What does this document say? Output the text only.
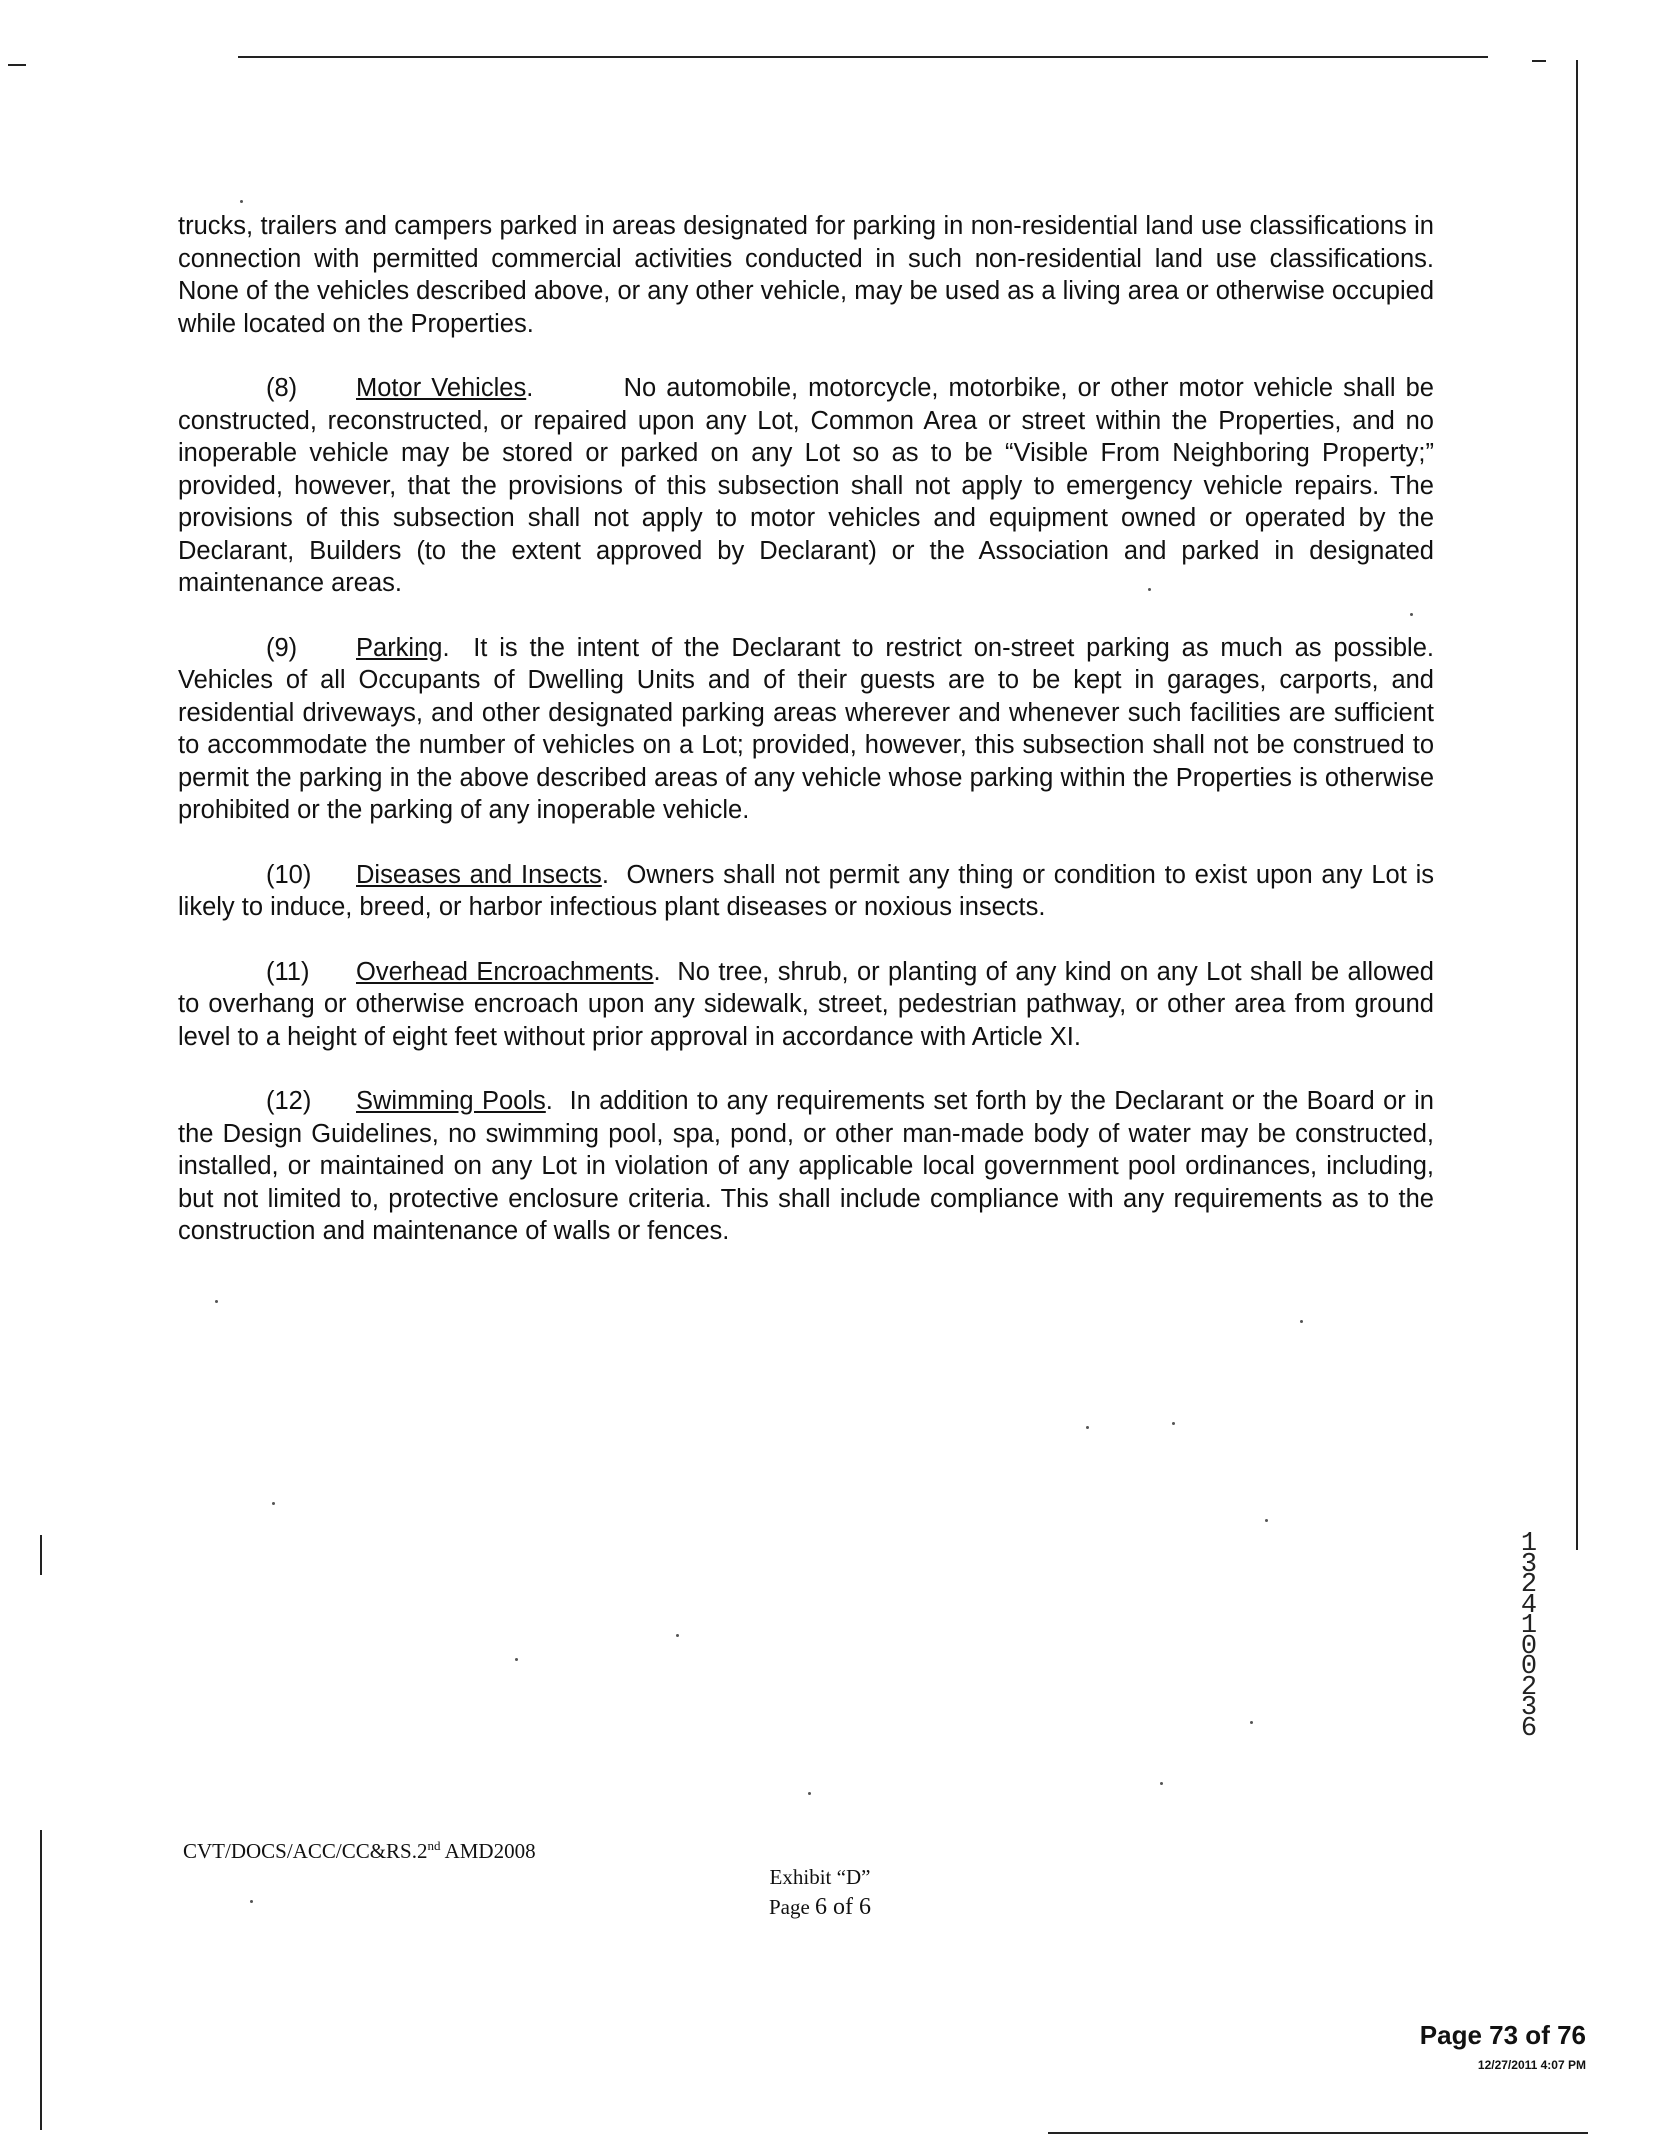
trucks, trailers and campers parked in areas designated for parking in non-residential land use classifications in connection with permitted commercial activities conducted in such non-residential land use classifications. None of the vehicles described above, or any other vehicle, may be used as a living area or otherwise occupied while located on the Properties.

(8) Motor Vehicles.         No automobile, motorcycle, motorbike, or other motor vehicle shall be constructed, reconstructed, or repaired upon any Lot, Common Area or street within the Properties, and no inoperable vehicle may be stored or parked on any Lot so as to be “Visible From Neighboring Property;” provided, however, that the provisions of this subsection shall not apply to emergency vehicle repairs. The provisions of this subsection shall not apply to motor vehicles and equipment owned or operated by the Declarant, Builders (to the extent approved by Declarant) or the Association and parked in designated maintenance areas.

(9) Parking.  It is the intent of the Declarant to restrict on-street parking as much as possible. Vehicles of all Occupants of Dwelling Units and of their guests are to be kept in garages, carports, and residential driveways, and other designated parking areas wherever and whenever such facilities are sufficient to accommodate the number of vehicles on a Lot; provided, however, this subsection shall not be construed to permit the parking in the above described areas of any vehicle whose parking within the Properties is otherwise prohibited or the parking of any inoperable vehicle.

(10) Diseases and Insects.  Owners shall not permit any thing or condition to exist upon any Lot is likely to induce, breed, or harbor infectious plant diseases or noxious insects.

(11) Overhead Encroachments.  No tree, shrub, or planting of any kind on any Lot shall be allowed to overhang or otherwise encroach upon any sidewalk, street, pedestrian pathway, or other area from ground level to a height of eight feet without prior approval in accordance with Article XI.

(12) Swimming Pools.  In addition to any requirements set forth by the Declarant or the Board or in the Design Guidelines, no swimming pool, spa, pond, or other man-made body of water may be constructed, installed, or maintained on any Lot in violation of any applicable local government pool ordinances, including, but not limited to, protective enclosure criteria. This shall include compliance with any requirements as to the construction and maintenance of walls or fences.

CVT/DOCS/ACC/CC&RS.2nd AMD2008
Exhibit “D”
Page 6 of 6
1324100236
Page 73 of 76
12/27/2011 4:07 PM
